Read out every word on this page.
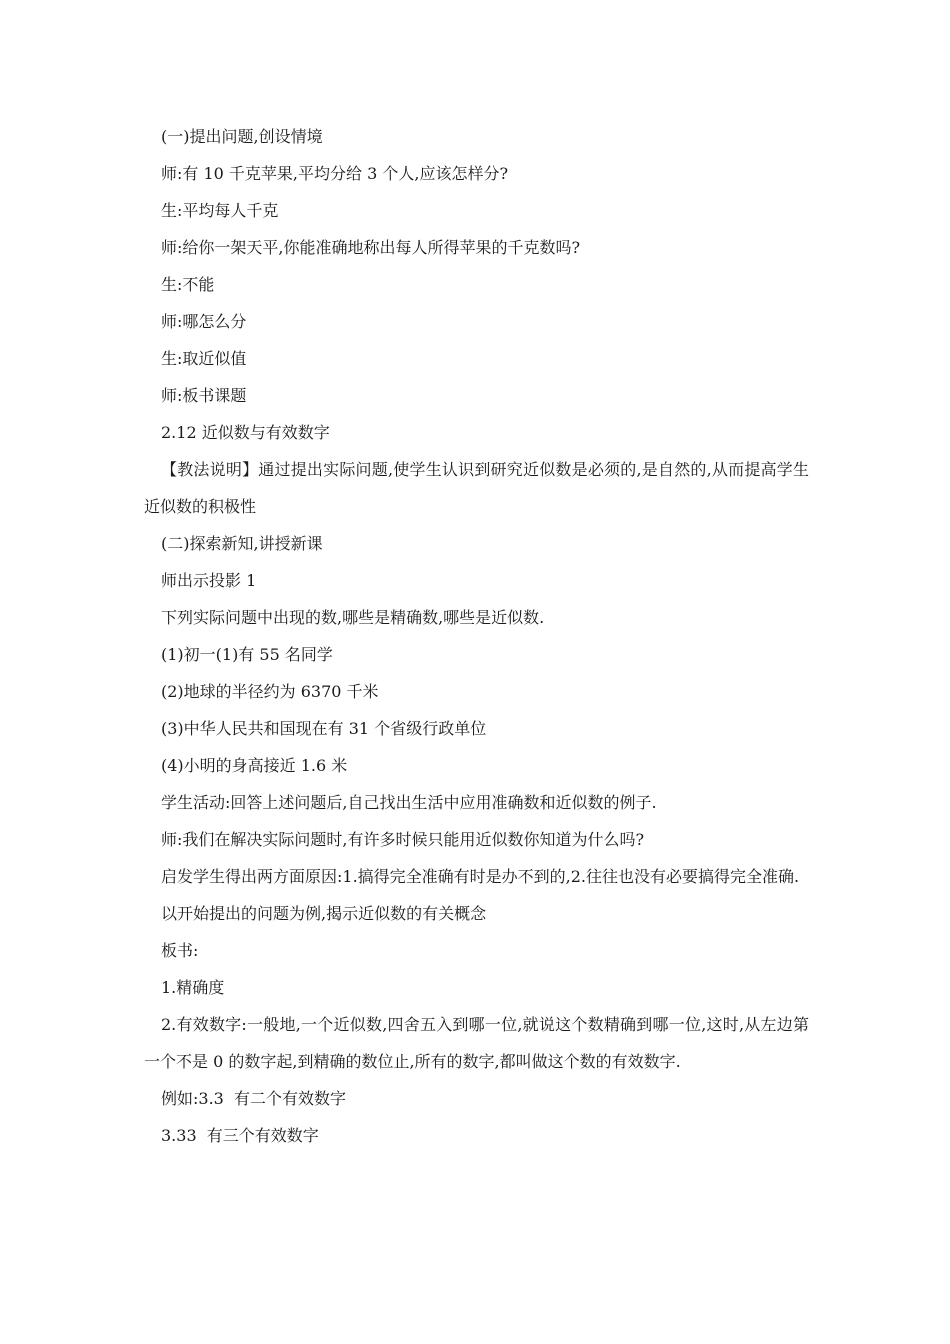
(一)提出问题,创设情境

师:有 10 千克苹果,平均分给 3 个人,应该怎样分?

生:平均每人千克

师:给你一架天平,你能准确地称出每人所得苹果的千克数吗?

生:不能

师:哪怎么分

生:取近似值

师:板书课题

2.12 近似数与有效数字

【教法说明】通过提出实际问题,使学生认识到研究近似数是必须的,是自然的,从而提高学生近似数的积极性

(二)探索新知,讲授新课

师出示投影 1

下列实际问题中出现的数,哪些是精确数,哪些是近似数.

(1)初一(1)有 55 名同学

(2)地球的半径约为 6370 千米

(3)中华人民共和国现在有 31 个省级行政单位

(4)小明的身高接近 1.6 米

学生活动:回答上述问题后,自己找出生活中应用准确数和近似数的例子.

师:我们在解决实际问题时,有许多时候只能用近似数你知道为什么吗?

启发学生得出两方面原因:1.搞得完全准确有时是办不到的,2.往往也没有必要搞得完全准确.

以开始提出的问题为例,揭示近似数的有关概念

板书:

1.精确度

2.有效数字:一般地,一个近似数,四舍五入到哪一位,就说这个数精确到哪一位,这时,从左边第一个不是 0 的数字起,到精确的数位止,所有的数字,都叫做这个数的有效数字.

例如:3.3  有二个有效数字

3.33  有三个有效数字
